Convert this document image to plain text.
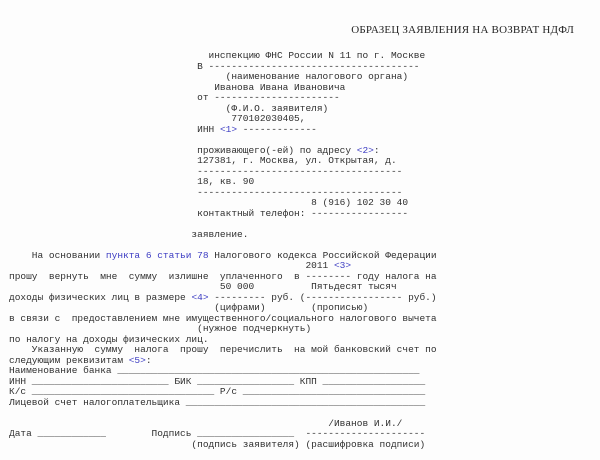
ОБРАЗЕЦ ЗАЯВЛЕНИЯ НА ВОЗВРАТ НДФЛ
инспекцию ФНС России N 11 по г. Москве
В -------------------------------------
(наименование налогового органа)
Иванова Ивана Ивановича
от ----------------------
(Ф.И.О. заявителя)
770102030405,
ИНН <1> -------------
проживающего(-ей) по адресу <2>:
127381, г. Москва, ул. Открытая, д.
------------------------------------
18, кв. 90
------------------------------------
8 (916) 102 30 40
контактный телефон: -----------------
заявление.
На основании пункта 6 статьи 78 Налогового кодекса Российской Федерации
2011 <3>
прошу  вернуть  мне  сумму  излишне  уплаченного  в -------- году налога на
50 000          Пятьдесят тысяч
доходы физических лиц в размере <4> --------- руб. (----------------- руб.)
(цифрами)        (прописью)
в связи с  предоставлением мне имущественного/социального налогового вычета
(нужное подчеркнуть)
по налогу на доходы физических лиц.
Указанную  сумму  налога  прошу  перечислить  на мой банковский счет по
следующим реквизитам <5>:
Наименование банка _____________________________________________________
ИНН ________________________ БИК _________________ КПП __________________
К/с ________________________________ Р/с ________________________________
Лицевой счет налогоплательщика __________________________________________
/Иванов И.И./
Дата ____________        Подпись _________________  ---------------------
(подпись заявителя) (расшифровка подписи)
